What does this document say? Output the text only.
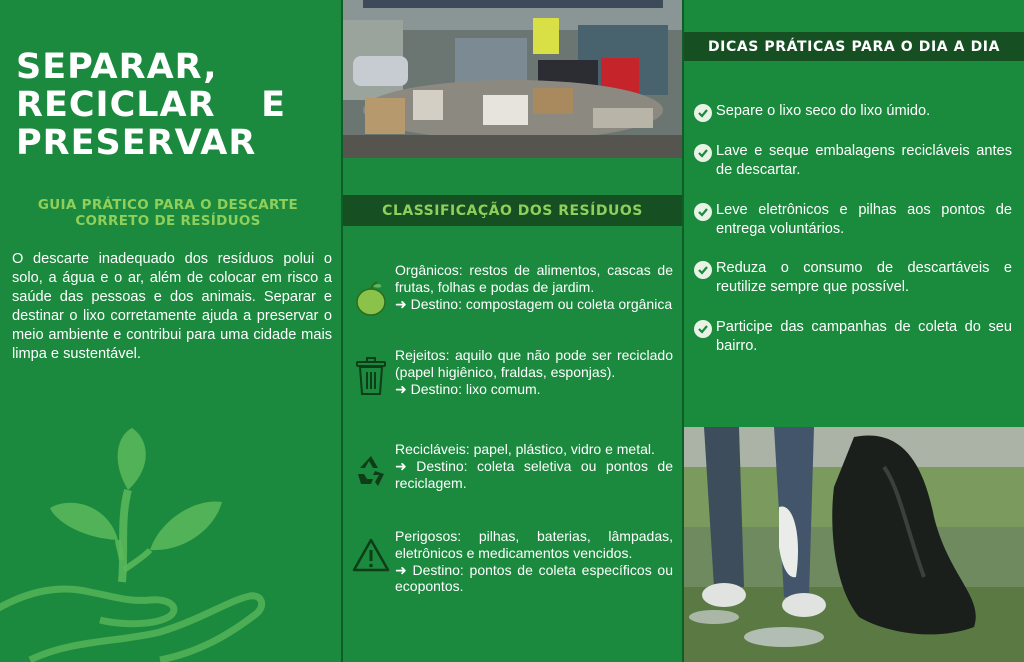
SEPARAR,
RECICLAR E
PRESERVAR
GUIA PRÁTICO PARA O DESCARTE CORRETO DE RESÍDUOS

O descarte inadequado dos resíduos polui o solo, a água e o ar, além de colocar em risco a saúde das pessoas e dos animais. Separar e destinar o lixo corretamente ajuda a preservar o meio ambiente e contribui para uma cidade mais limpa e sustentável.

CLASSIFICAÇÃO DOS RESÍDUOS

Orgânicos: restos de alimentos, cascas de frutas, folhas e podas de jardim.

➜ Destino: compostagem ou coleta orgânica

Rejeitos: aquilo que não pode ser reciclado (papel higiênico, fraldas, esponjas).

➜ Destino: lixo comum.

Recicláveis: papel, plástico, vidro e metal.

➜ Destino: coleta seletiva ou pontos de reciclagem.

Perigosos: pilhas, baterias, lâmpadas, eletrônicos e medicamentos vencidos.

➜ Destino: pontos de coleta específicos ou ecopontos.

DICAS PRÁTICAS PARA O DIA A DIA
Separe o lixo seco do lixo úmido.
Lave e seque embalagens recicláveis antes de descartar.
Leve eletrônicos e pilhas aos pontos de entrega voluntários.
Reduza o consumo de descartáveis e reutilize sempre que possível.
Participe das campanhas de coleta do seu bairro.
